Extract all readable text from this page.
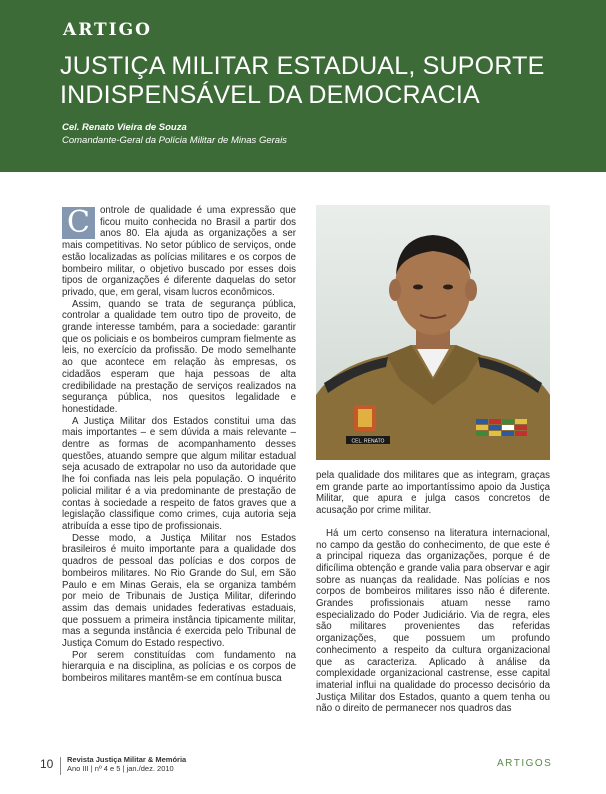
ARTIGO
JUSTIÇA MILITAR ESTADUAL, SUPORTE
INDISPENSÁVEL DA DEMOCRACIA
Cel. Renato Vieira de Souza
Comandante-Geral da Polícia Militar de Minas Gerais

C	ontrole de qualidade é uma expressão que ficou muito conhecida no Brasil a partir dos anos 80. Ela ajuda as organizações a ser mais competitivas. No setor público de serviços, onde estão localizadas as polícias militares e os corpos de bombeiro militar, o objetivo buscado por esses dois tipos de organizações é diferente daquelas do setor privado, que, em geral, visam lucros econômicos.

Assim, quando se trata de segurança pública, controlar a qualidade tem outro tipo de proveito, de grande interesse também, para a sociedade: garantir que os policiais e os bombeiros cumpram fielmente as leis, no exercício da profissão. De modo semelhante ao que acontece em relação às empresas, os cidadãos esperam que haja pessoas de alta credibilidade na prestação de serviços realizados na segurança pública, nos quesitos legalidade e honestidade.

A Justiça Militar dos Estados constitui uma das mais importantes – e sem dúvida a mais relevante – dentre as formas de acompanhamento desses questões, atuando sempre que algum militar estadual seja acusado de extrapolar no uso da autoridade que lhe foi confiada nas leis pela população. O inquérito policial militar é a via predominante de prestação de contas à sociedade a respeito de fatos graves que a legislação classifique como crimes, cuja autoria seja atribuída a esse tipo de profissionais.

Desse modo, a Justiça Militar nos Estados brasileiros é muito importante para a qualidade dos quadros de pessoal das polícias e dos corpos de bombeiros militares. No Rio Grande do Sul, em São Paulo e em Minas Gerais, ela se organiza também por meio de Tribunais de Justiça Militar, diferindo assim das demais unidades federativas estaduais, que possuem a primeira instância tipicamente militar, mas a segunda instância é exercida pelo Tribunal de Justiça Comum do Estado respectivo.

Por serem constituídas com fundamento na hierarquia e na disciplina, as polícias e os corpos de bombeiros militares mantêm-se em contínua busca

CEL. RENATO

pela qualidade dos militares que as integram, graças em grande parte ao importantíssimo apoio da Justiça Militar, que apura e julga casos concretos de acusação por crime militar.

Há um certo consenso na literatura internacional, no campo da gestão do conhecimento, de que este é a principal riqueza das organizações, porque é de dificílima obtenção e grande valia para observar e agir sobre as nuanças da realidade. Nas polícias e nos corpos de bombeiros militares isso não é diferente. Grandes profissionais atuam nesse ramo especializado do Poder Judiciário. Via de regra, eles são militares provenientes das referidas organizações, que possuem um profundo conhecimento a respeito da cultura organizacional que as caracteriza. Aplicado à análise da complexidade organizacional castrense, esse capital imaterial influi na qualidade do processo decisório da Justiça Militar dos Estados, quanto a quem tenha ou não o direito de permanecer nos quadros das

10 Revista Justiça Militar & Memória
Ano III | nº 4 e 5 | jan./dez. 2010	ARTIGOS
